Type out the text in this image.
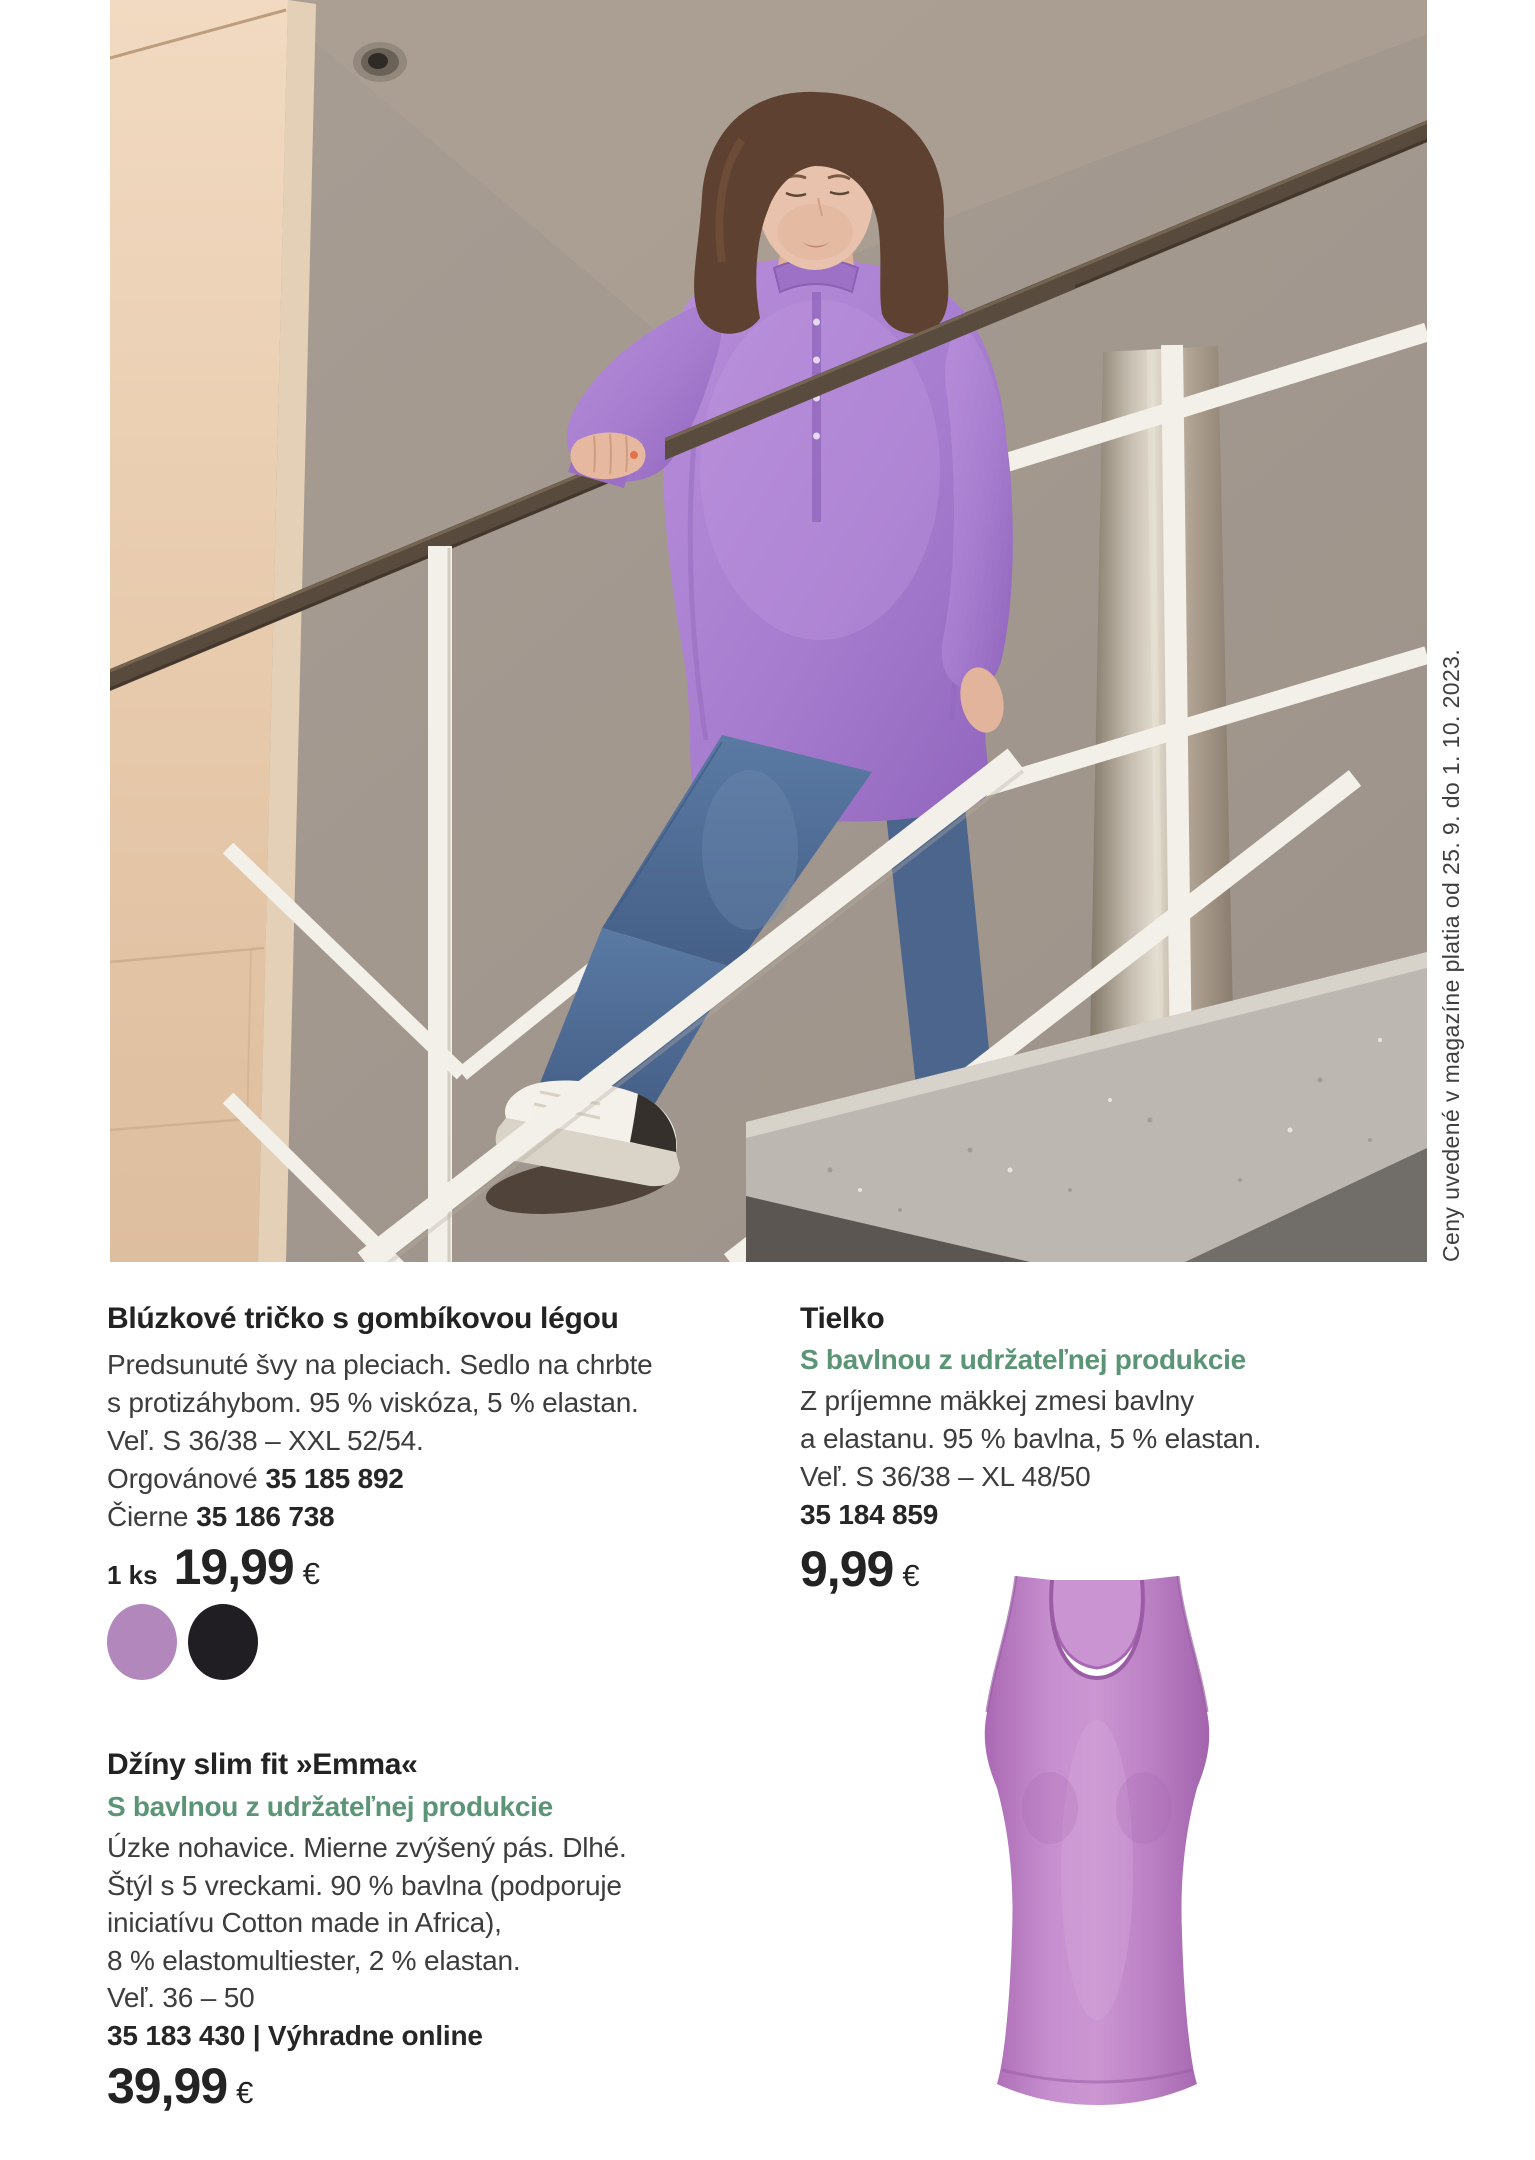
Ceny uvedené v magazíne platia od 25. 9. do 1. 10. 2023.
Blúzkové tričko s gombíkovou légou
Predsunuté švy na pleciach. Sedlo na chrbte
s protizáhybom. 95 % viskóza, 5 % elastan.
Veľ. S 36/38 – XXL 52/54.
Orgovánové 35 185 892
Čierne 35 186 738
1 ks 19,99 €
Džíny slim fit »Emma«
S bavlnou z udržateľnej produkcie
Úzke nohavice. Mierne zvýšený pás. Dlhé.
Štýl s 5 vreckami. 90 % bavlna (podporuje
iniciatívu Cotton made in Africa),
8 % elastomultiester, 2 % elastan.
Veľ. 36 – 50
35 183 430 | Výhradne online
39,99 €
Tielko
S bavlnou z udržateľnej produkcie
Z príjemne mäkkej zmesi bavlny
a elastanu. 95 % bavlna, 5 % elastan.
Veľ. S 36/38 – XL 48/50
35 184 859
9,99 €
